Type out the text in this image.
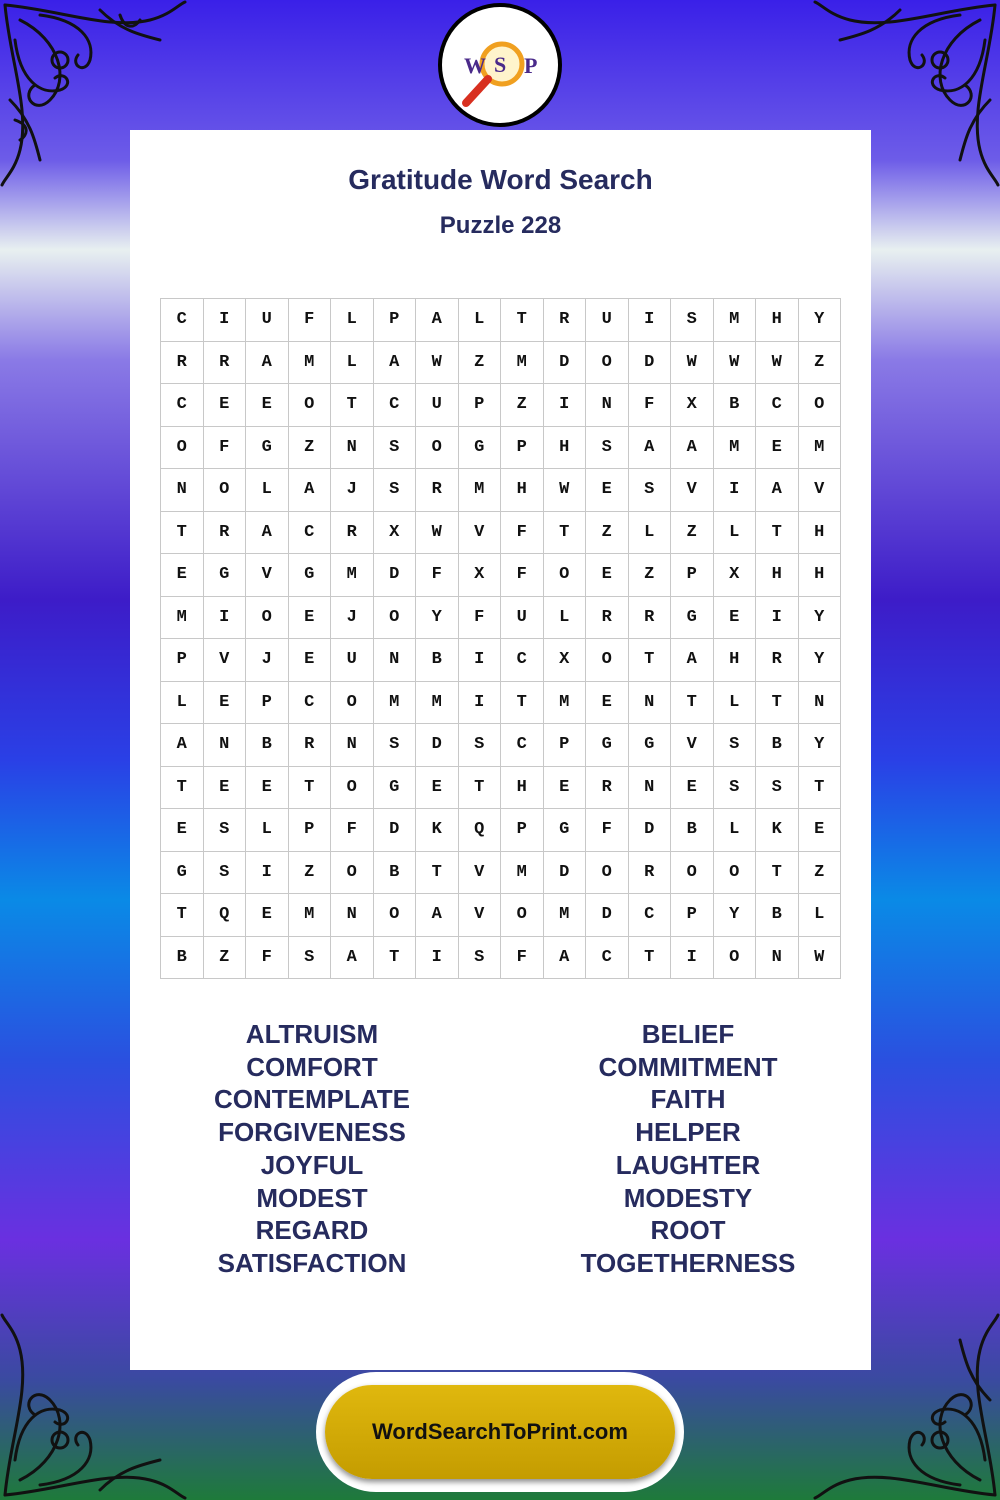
W S P
Gratitude Word Search
Puzzle 228
C	I	U	F	L	P	A	L	T	R	U	I	S	M	H	Y
R	R	A	M	L	A	W	Z	M	D	O	D	W	W	W	Z
C	E	E	O	T	C	U	P	Z	I	N	F	X	B	C	O
O	F	G	Z	N	S	O	G	P	H	S	A	A	M	E	M
N	O	L	A	J	S	R	M	H	W	E	S	V	I	A	V
T	R	A	C	R	X	W	V	F	T	Z	L	Z	L	T	H
E	G	V	G	M	D	F	X	F	O	E	Z	P	X	H	H
M	I	O	E	J	O	Y	F	U	L	R	R	G	E	I	Y
P	V	J	E	U	N	B	I	C	X	O	T	A	H	R	Y
L	E	P	C	O	M	M	I	T	M	E	N	T	L	T	N
A	N	B	R	N	S	D	S	C	P	G	G	V	S	B	Y
T	E	E	T	O	G	E	T	H	E	R	N	E	S	S	T
E	S	L	P	F	D	K	Q	P	G	F	D	B	L	K	E
G	S	I	Z	O	B	T	V	M	D	O	R	O	O	T	Z
T	Q	E	M	N	O	A	V	O	M	D	C	P	Y	B	L
B	Z	F	S	A	T	I	S	F	A	C	T	I	O	N	W
ALTRUISM
COMFORT
CONTEMPLATE
FORGIVENESS
JOYFUL
MODEST
REGARD
SATISFACTION
BELIEF
COMMITMENT
FAITH
HELPER
LAUGHTER
MODESTY
ROOT
TOGETHERNESS
WordSearchToPrint.com
